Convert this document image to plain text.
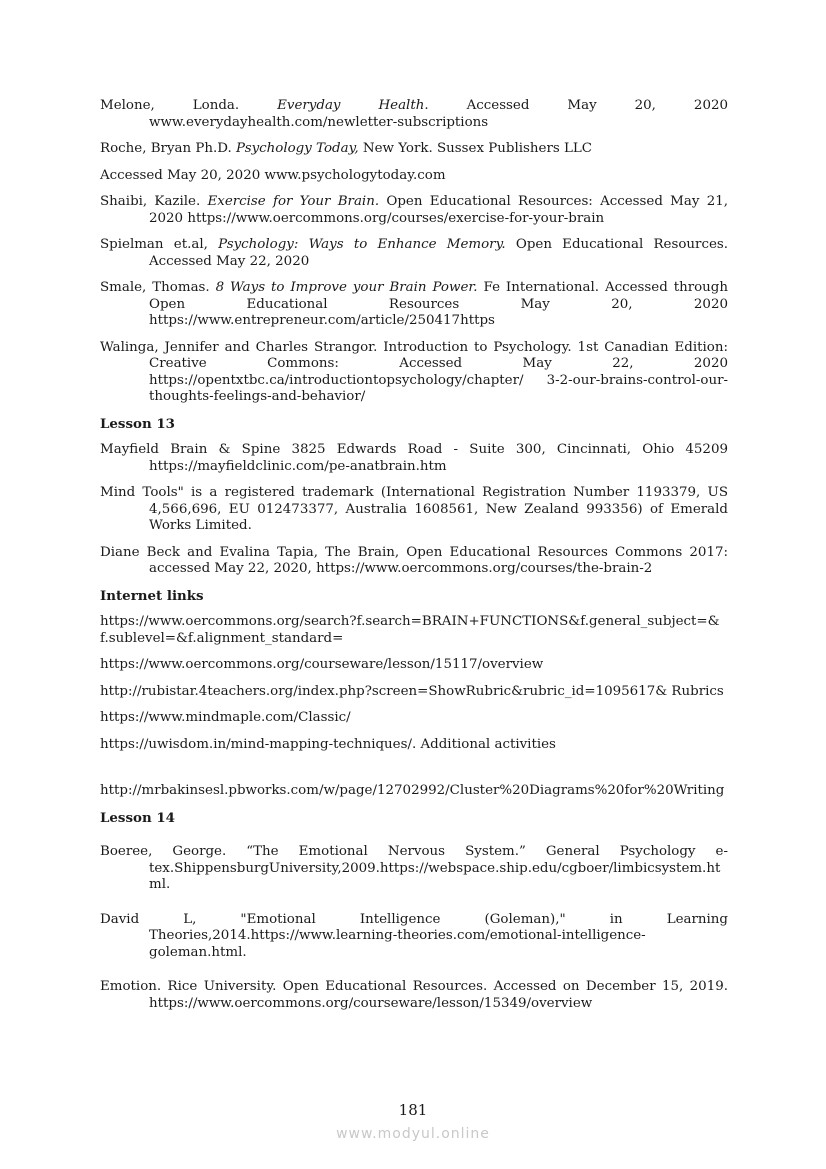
Melone, Londa. Everyday Health. Accessed May 20, 2020 www.everydayhealth.com/newletter-subscriptions

Roche, Bryan Ph.D. Psychology Today, New York. Sussex Publishers LLC

Accessed May 20, 2020 www.psychologytoday.com

Shaibi, Kazile. Exercise for Your Brain. Open Educational Resources: Accessed May 21, 2020 https://www.oercommons.org/courses/exercise-for-your-brain

Spielman et.al, Psychology: Ways to Enhance Memory. Open Educational Resources. Accessed May 22, 2020

Smale, Thomas. 8 Ways to Improve your Brain Power. Fe International. Accessed through Open Educational Resources May 20, 2020 https://www.entrepreneur.com/article/250417https

Walinga, Jennifer and Charles Strangor. Introduction to Psychology. 1st Canadian Edition: Creative Commons: Accessed May 22, 2020 https://opentxtbc.ca/introductiontopsychology/chapter/ 3-2-our-brains-control-our-thoughts-feelings-and-behavior/

Lesson 13

Mayfield Brain & Spine 3825 Edwards Road - Suite 300, Cincinnati, Ohio 45209 https://mayfieldclinic.com/pe-anatbrain.htm

Mind Tools" is a registered trademark (International Registration Number 1193379, US 4,566,696, EU 012473377, Australia 1608561, New Zealand 993356) of Emerald Works Limited.

Diane Beck and Evalina Tapia, The Brain, Open Educational Resources Commons 2017: accessed May 22, 2020, https://www.oercommons.org/courses/the-brain-2

Internet links

https://www.oercommons.org/search?f.search=BRAIN+FUNCTIONS&f.general_subject=&f.sublevel=&f.alignment_standard=

https://www.oercommons.org/courseware/lesson/15117/overview

http://rubistar.4teachers.org/index.php?screen=ShowRubric&rubric_id=1095617& Rubrics

https://www.mindmaple.com/Classic/

https://uwisdom.in/mind-mapping-techniques/. Additional activities

http://mrbakinsesl.pbworks.com/w/page/12702992/Cluster%20Diagrams%20for%20Writing

Lesson 14

Boeree, George. “The Emotional Nervous System.” General Psychology e-tex.ShippensburgUniversity,2009.https://webspace.ship.edu/cgboer/limbicsystem.html.

David L, "Emotional Intelligence (Goleman)," in Learning Theories,2014.https://www.learning-theories.com/emotional-intelligence-goleman.html.

Emotion. Rice University. Open Educational Resources. Accessed on December 15, 2019. https://www.oercommons.org/courseware/lesson/15349/overview

181
www.modyul.online
